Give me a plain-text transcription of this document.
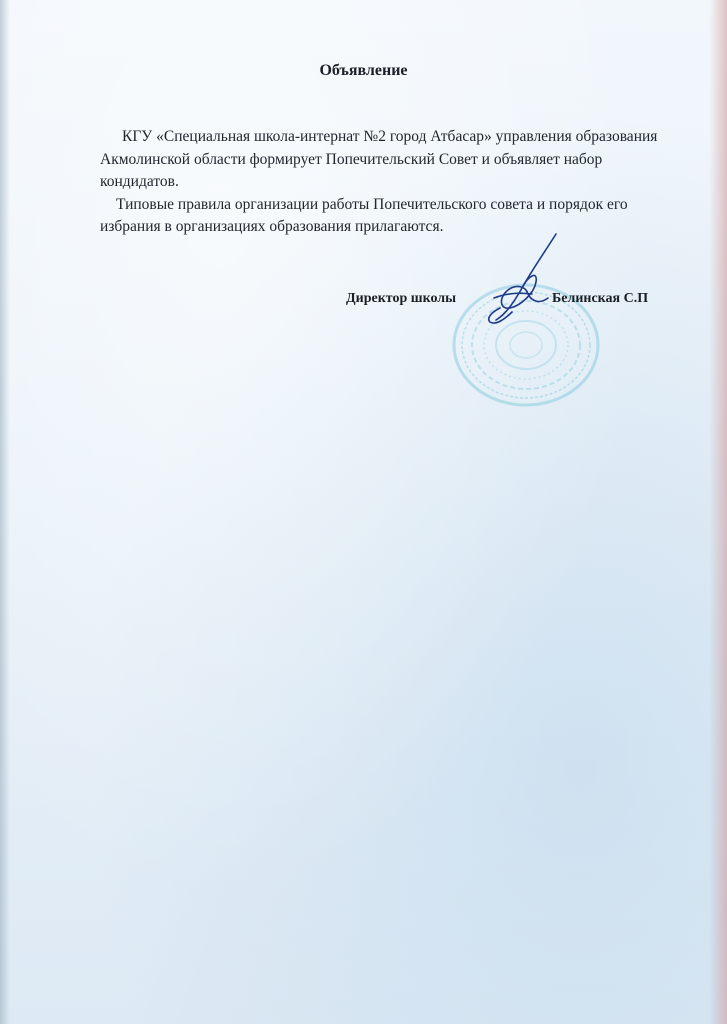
Объявление

КГУ «Специальная школа-интернат №2 город Атбасар» управления образования Акмолинской области формирует Попечительский Совет и объявляет набор кондидатов.

Типовые правила организации работы Попечительского совета и порядок его избрания в организациях образования прилагаются.

Директор школы	Белинская С.П
